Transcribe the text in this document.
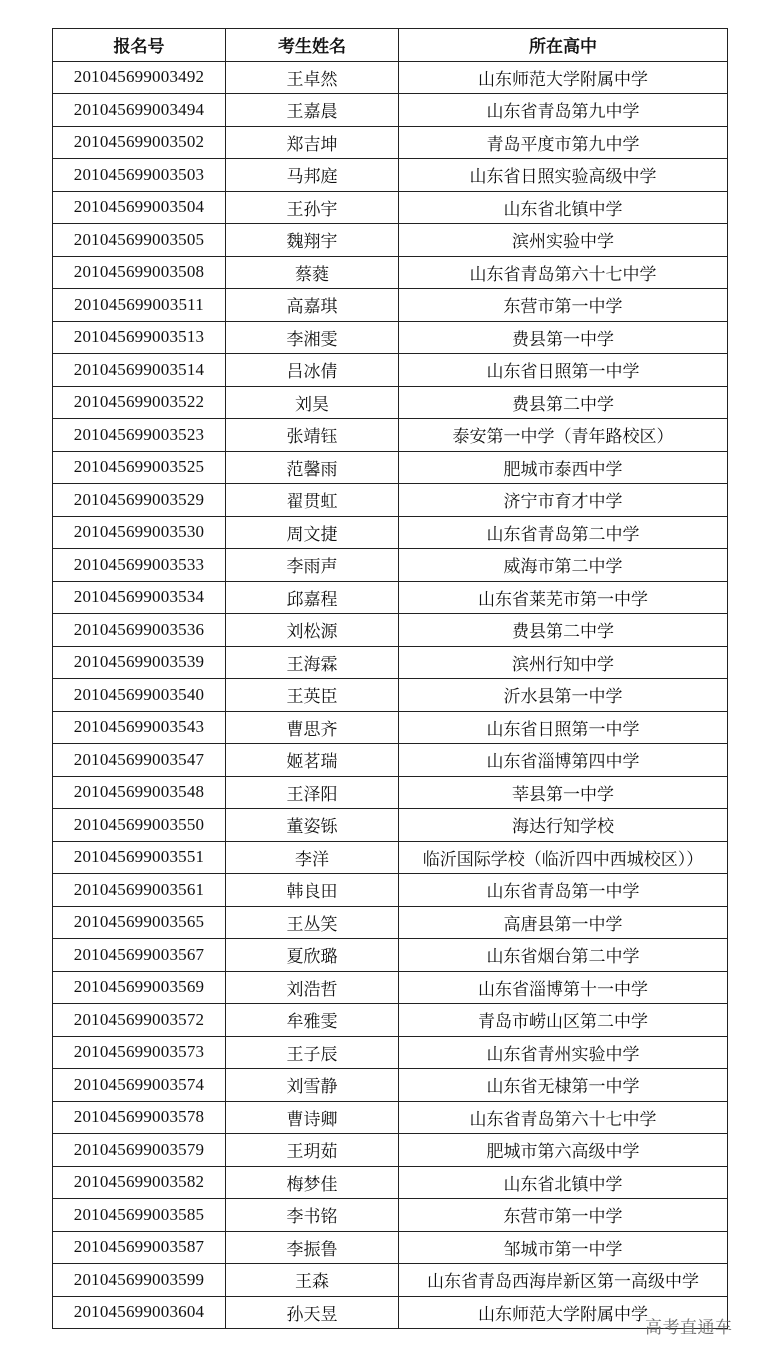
报名号	考生姓名	所在高中
201045699003492	王卓然	山东师范大学附属中学
201045699003494	王嘉晨	山东省青岛第九中学
201045699003502	郑吉坤	青岛平度市第九中学
201045699003503	马邦庭	山东省日照实验高级中学
201045699003504	王孙宇	山东省北镇中学
201045699003505	魏翔宇	滨州实验中学
201045699003508	蔡蕤	山东省青岛第六十七中学
201045699003511	高嘉琪	东营市第一中学
201045699003513	李湘雯	费县第一中学
201045699003514	吕冰倩	山东省日照第一中学
201045699003522	刘昊	费县第二中学
201045699003523	张靖钰	泰安第一中学（青年路校区）
201045699003525	范馨雨	肥城市泰西中学
201045699003529	翟贯虹	济宁市育才中学
201045699003530	周文捷	山东省青岛第二中学
201045699003533	李雨声	威海市第二中学
201045699003534	邱嘉程	山东省莱芜市第一中学
201045699003536	刘松源	费县第二中学
201045699003539	王海霖	滨州行知中学
201045699003540	王英臣	沂水县第一中学
201045699003543	曹思齐	山东省日照第一中学
201045699003547	姬茗瑞	山东省淄博第四中学
201045699003548	王泽阳	莘县第一中学
201045699003550	董姿铄	海达行知学校
201045699003551	李洋	临沂国际学校（临沂四中西城校区））
201045699003561	韩良田	山东省青岛第一中学
201045699003565	王丛笑	高唐县第一中学
201045699003567	夏欣璐	山东省烟台第二中学
201045699003569	刘浩哲	山东省淄博第十一中学
201045699003572	牟雅雯	青岛市崂山区第二中学
201045699003573	王子辰	山东省青州实验中学
201045699003574	刘雪静	山东省无棣第一中学
201045699003578	曹诗卿	山东省青岛第六十七中学
201045699003579	王玥茹	肥城市第六高级中学
201045699003582	梅梦佳	山东省北镇中学
201045699003585	李书铭	东营市第一中学
201045699003587	李振鲁	邹城市第一中学
201045699003599	王森	山东省青岛西海岸新区第一高级中学
201045699003604	孙天昱	山东师范大学附属中学
高考直通车
